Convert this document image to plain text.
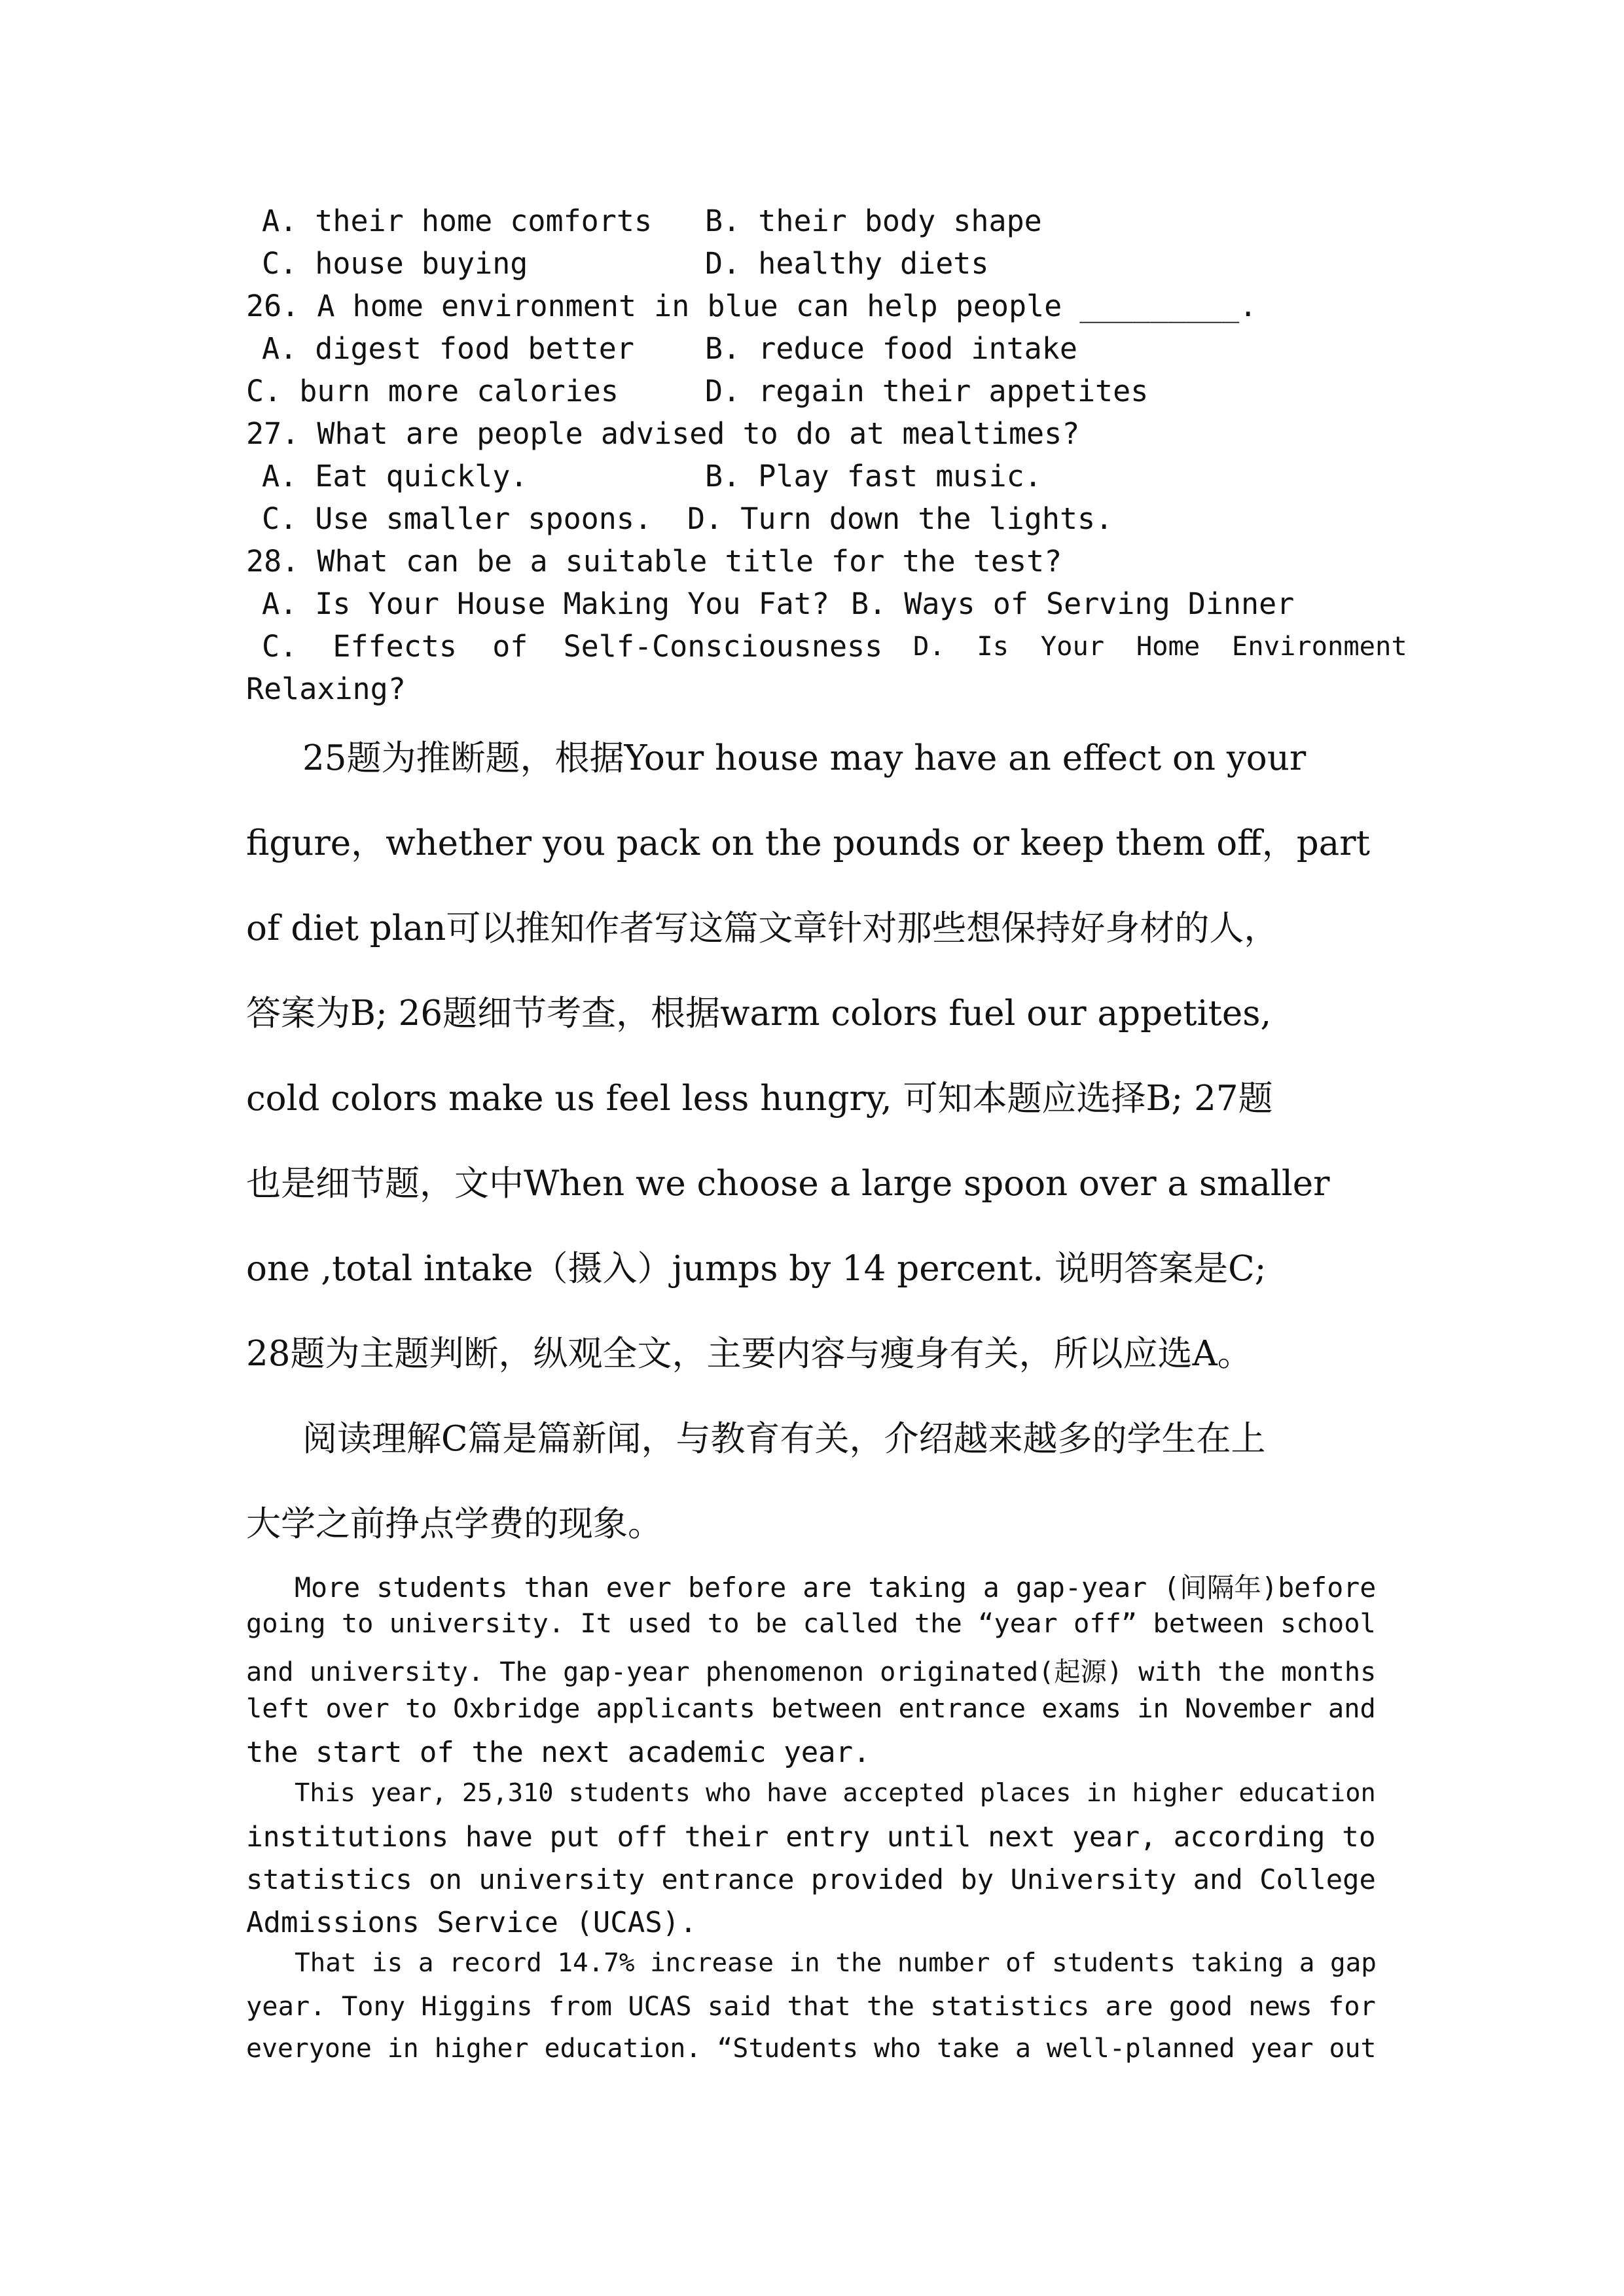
A. their home comforts

B. their body shape

C. house buying

	D. healthy diets

26. A home environment in blue can help people _________.

A. digest food better

B. reduce food intake

C. burn more calories

	D. regain their appetites

27. What are people advised to do at mealtimes?

A. Eat quickly.

	B. Play fast music.

C. Use smaller spoons.

D. Turn down the lights.

28. What can be a suitable title for the test?

A. Is Your House Making You Fat?

B. Ways of Serving Dinner

C.  Effects  of  Self-Consciousness

D.  Is  Your  Home  Environment

Relaxing?

25题为推断题，根据Your house may have an effect on your
figure，whether you pack on the pounds or keep them off，part
of diet plan可以推知作者写这篇文章针对那些想保持好身材的人，
答案为B; 26题细节考查，根据warm colors fuel our appetites,
cold colors make us feel less hungry, 可知本题应选择B; 27题
也是细节题，文中When we choose a large spoon over a smaller
one ,total intake（摄入）jumps by 14 percent. 说明答案是C;
28题为主题判断，纵观全文，主要内容与瘦身有关，所以应选A。
阅读理解C篇是篇新闻，与教育有关，介绍越来越多的学生在上
大学之前挣点学费的现象。
More students than ever before are taking a gap-year (间隔年)before
going to university. It used to be called the “year off” between school
and university. The gap-year phenomenon originated(起源) with the months
left over to Oxbridge applicants between entrance exams in November and
the start of the next academic year.
This year, 25,310 students who have accepted places in higher education
institutions have put off their entry until next year, according to
statistics on university entrance provided by University and College
Admissions Service (UCAS).
That is a record 14.7% increase in the number of students taking a gap
year. Tony Higgins from UCAS said that the statistics are good news for
everyone in higher education. “Students who take a well-planned year out
